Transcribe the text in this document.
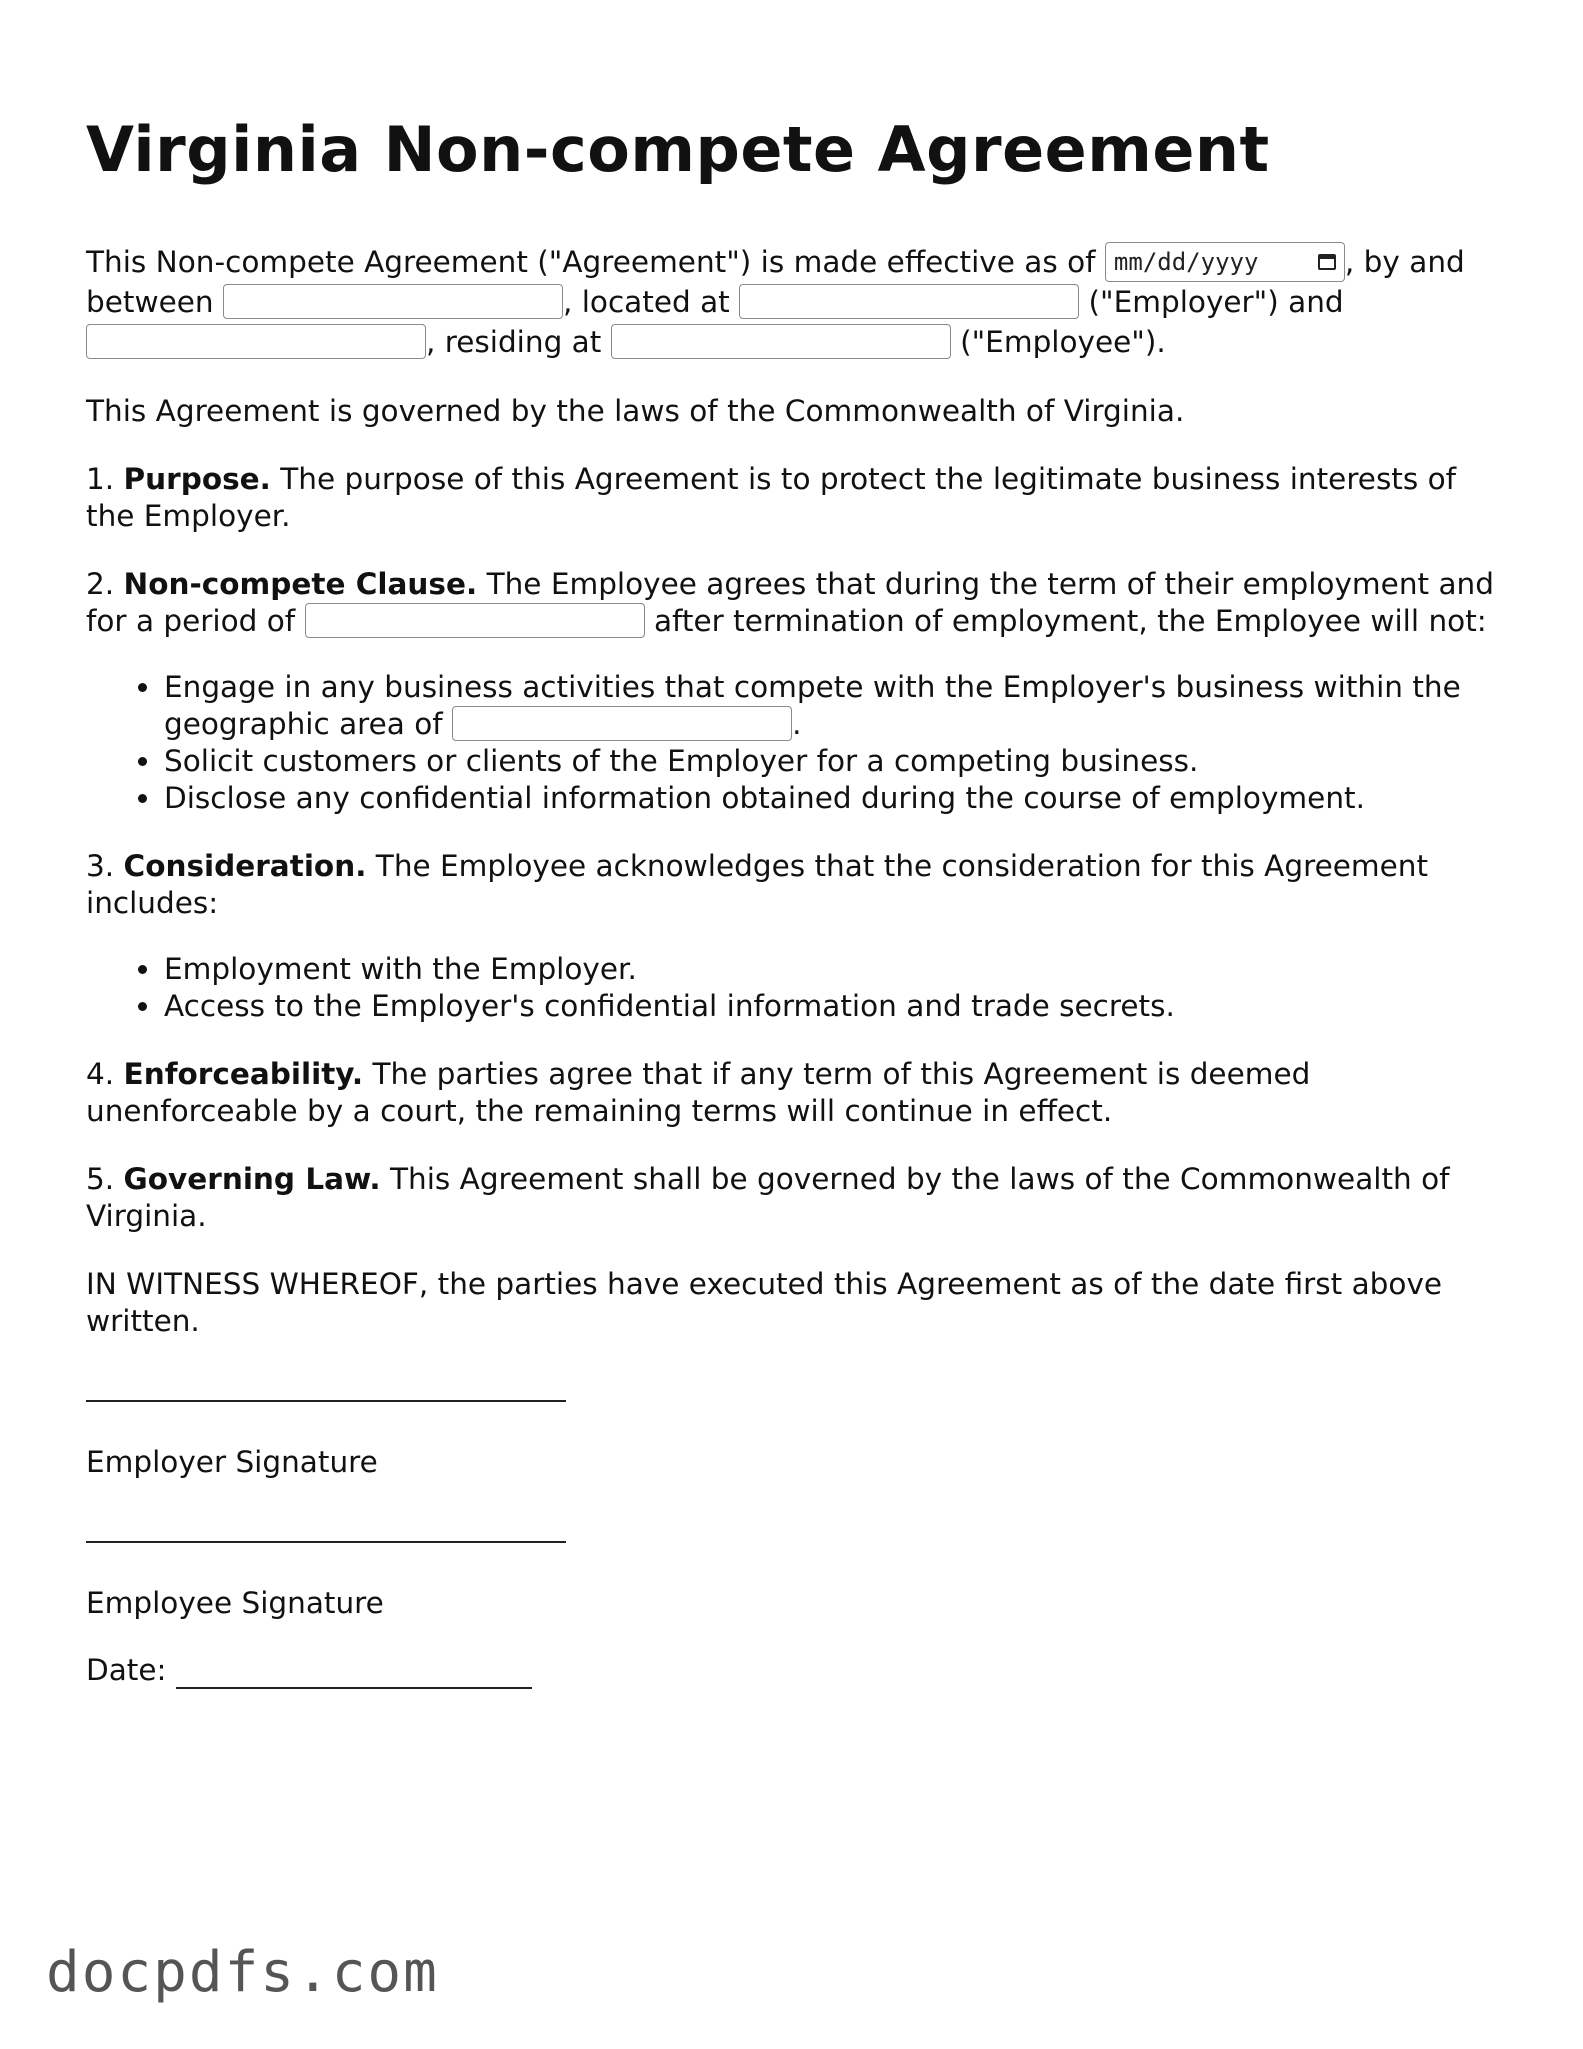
Virginia Non-compete Agreement

This Non-compete Agreement ("Agreement") is made effective as of mm/dd/yyyy	, by and between	, located at	("Employer") and , residing at	("Employee").

This Agreement is governed by the laws of the Commonwealth of Virginia.

1. Purpose. The purpose of this Agreement is to protect the legitimate business interests of the Employer.

2. Non-compete Clause. The Employee agrees that during the term of their employment and for a period of	after termination of employment, the Employee will not:

• Engage in any business activities that compete with the Employer's business within the geographic area of	.
• Solicit customers or clients of the Employer for a competing business.
• Disclose any confidential information obtained during the course of employment.

3. Consideration. The Employee acknowledges that the consideration for this Agreement includes:

• Employment with the Employer.
• Access to the Employer's confidential information and trade secrets.

4. Enforceability. The parties agree that if any term of this Agreement is deemed unenforceable by a court, the remaining terms will continue in effect.

5. Governing Law. This Agreement shall be governed by the laws of the Commonwealth of Virginia.

IN WITNESS WHEREOF, the parties have executed this Agreement as of the date first above written.

Employer Signature
Employee Signature
Date:
docpdfs.com
